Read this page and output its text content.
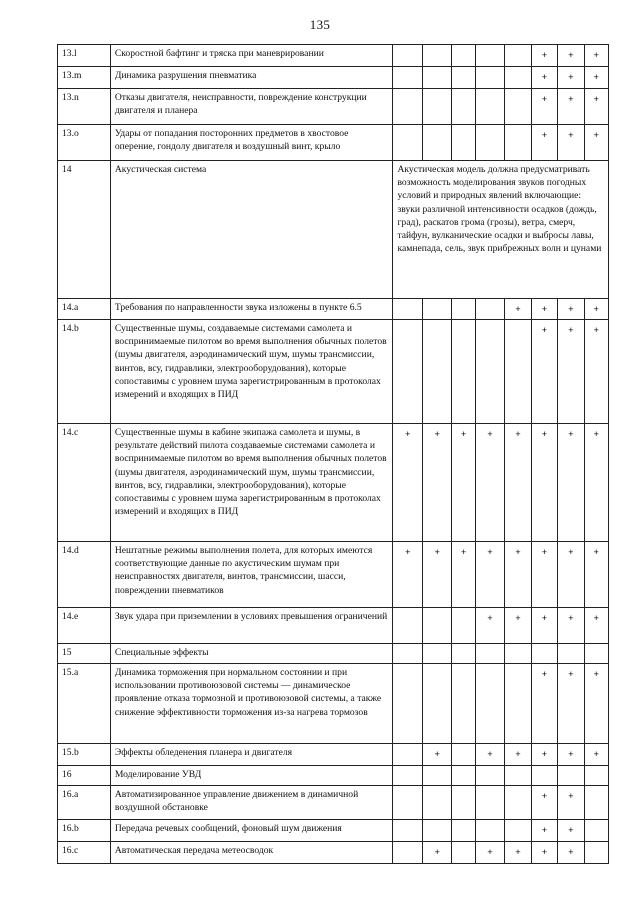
135
13.l	Скоростной бафтинг и тряска при маневрировании						+	+	+

13.m	Динамика разрушения пневматика						+	+	+

13.n	Отказы двигателя, неисправности, повреждение конструкции двигателя и планера						+	+	+

13.o	Удары от попадания посторонних предметов в хвостовое оперение, гондолу двигателя и воздушный винт, крыло						+	+	+

14	Акустическая система	Акустическая модель должна предусматривать возможность моделирования звуков погодных условий и природных явлений включающие: звуки различной интенсивности осадков (дождь, град), раскатов грома (грозы), ветра, смерч, тайфун, вулканические осадки и выбросы лавы, камнепада, сель, звук прибрежных волн и цунами							
14.a	Требования по направленности звука изложены в пункте 6.5					+	+	+	+

14.b	Существенные шумы, создаваемые системами самолета и воспринимаемые пилотом во время выполнения обычных полетов (шумы двигателя, аэродинамический шум, шумы трансмиссии, винтов, всу, гидравлики, электрооборудования), которые сопоставимы с уровнем шума зарегистрированным в протоколах измерений и входящих в ПИД						+	+	+

14.c	Существенные шумы в кабине экипажа самолета и шумы, в результате действий пилота создаваемые системами самолета и воспринимаемые пилотом во время выполнения обычных полетов (шумы двигателя, аэродинамический шум, шумы трансмиссии, винтов, всу, гидравлики, электрооборудования), которые сопоставимы с уровнем шума зарегистрированным в протоколах измерений и входящих в ПИД	+	+	+	+	+	+	+	+

14.d	Нештатные режимы выполнения полета, для которых имеются соответствующие данные по акустическим шумам при неисправностях двигателя, винтов, трансмиссии, шасси, повреждении пневматиков	+	+	+	+	+	+	+	+

14.e	Звук удара при приземлении в условиях превышения ограничений				+	+	+	+	+

15	Специальные эффекты	

15.a	Динамика торможения при нормальном состоянии и при использовании противоюзовой системы — динамическое проявление отказа тормозной и противоюзовой системы, а также снижение эффективности торможения из-за нагрева тормозов						+	+	+

15.b	Эффекты обледенения планера и двигателя		+		+	+	+	+	+

16	Моделирование УВД	

16.a	Автоматизированное управление движением в динамичной воздушной обстановке						+	+	

16.b	Передача речевых сообщений, фоновый шум движения						+	+	

16.c	Автоматическая передача метеосводок		+		+	+	+	+	
